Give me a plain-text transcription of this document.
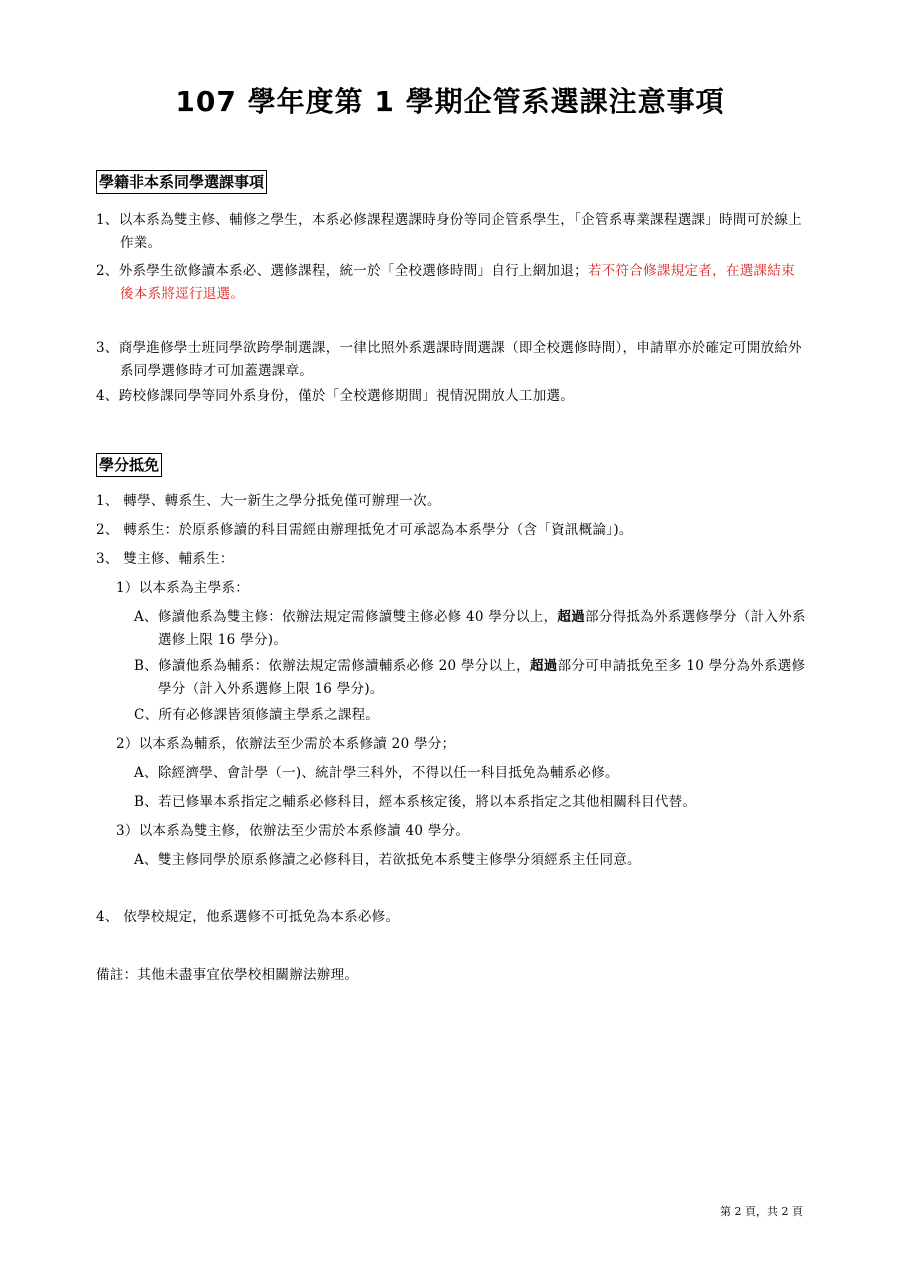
107 學年度第 1 學期企管系選課注意事項
學籍非本系同學選課事項
1、以本系為雙主修、輔修之學生，本系必修課程選課時身份等同企管系學生，「企管系專業課程選課」時間可於線上作業。
2、外系學生欲修讀本系必、選修課程，統一於「全校選修時間」自行上網加退；若不符合修課規定者，在選課結束後本系將逕行退選。
3、商學進修學士班同學欲跨學制選課，一律比照外系選課時間選課（即全校選修時間），申請單亦於確定可開放給外系同學選修時才可加蓋選課章。
4、跨校修課同學等同外系身份，僅於「全校選修期間」視情況開放人工加選。
學分抵免
1、 轉學、轉系生、大一新生之學分抵免僅可辦理一次。
2、 轉系生：於原系修讀的科目需經由辦理抵免才可承認為本系學分（含「資訊概論」)。
3、 雙主修、輔系生：
1）以本系為主學系：
A、修讀他系為雙主修：依辦法規定需修讀雙主修必修 40 學分以上，超過部分得抵為外系選修學分（計入外系選修上限 16 學分)。
B、修讀他系為輔系：依辦法規定需修讀輔系必修 20 學分以上，超過部分可申請抵免至多 10 學分為外系選修學分（計入外系選修上限 16 學分)。
C、所有必修課皆須修讀主學系之課程。
2）以本系為輔系，依辦法至少需於本系修讀 20 學分；
A、除經濟學、會計學（一)、統計學三科外，不得以任一科目抵免為輔系必修。
B、若已修畢本系指定之輔系必修科目，經本系核定後，將以本系指定之其他相關科目代替。
3）以本系為雙主修，依辦法至少需於本系修讀 40 學分。
A、雙主修同學於原系修讀之必修科目，若欲抵免本系雙主修學分須經系主任同意。
4、 依學校規定，他系選修不可抵免為本系必修。
備註：其他未盡事宜依學校相關辦法辦理。
第 2 頁，共 2 頁
